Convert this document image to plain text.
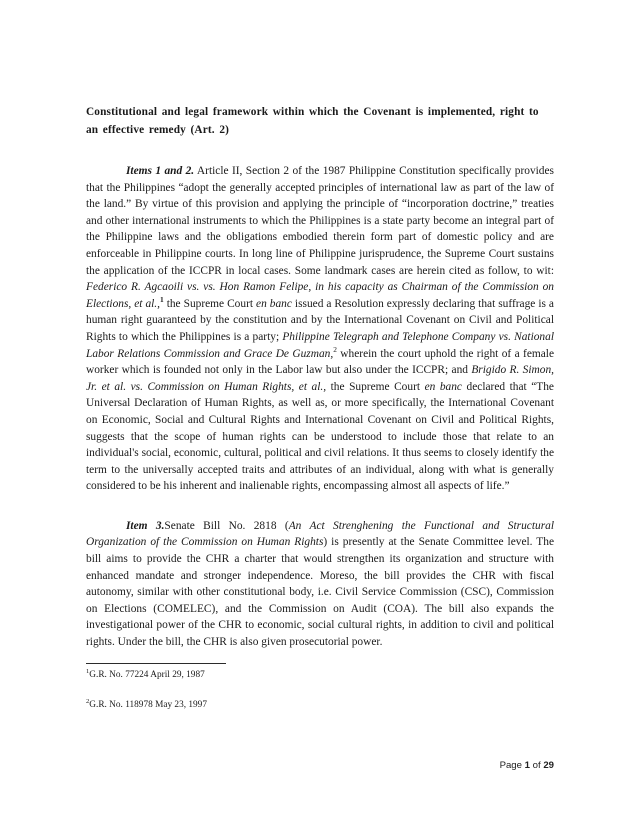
Constitutional and legal framework within which the Covenant is implemented, right to an effective remedy (Art. 2)

Items 1 and 2. Article II, Section 2 of the 1987 Philippine Constitution specifically provides that the Philippines “adopt the generally accepted principles of international law as part of the law of the land.” By virtue of this provision and applying the principle of “incorporation doctrine,” treaties and other international instruments to which the Philippines is a state party become an integral part of the Philippine laws and the obligations embodied therein form part of domestic policy and are enforceable in Philippine courts. In long line of Philippine jurisprudence, the Supreme Court sustains the application of the ICCPR in local cases. Some landmark cases are herein cited as follow, to wit: Federico R. Agcaoili vs. vs. Hon Ramon Felipe, in his capacity as Chairman of the Commission on Elections, et al.,$^1$ the Supreme Court en banc issued a Resolution expressly declaring that suffrage is a human right guaranteed by the constitution and by the International Covenant on Civil and Political Rights to which the Philippines is a party; Philippine Telegraph and Telephone Company vs. National Labor Relations Commission and Grace De Guzman,$^2$ wherein the court uphold the right of a female worker which is founded not only in the Labor law but also under the ICCPR; and Brigido R. Simon, Jr. et al. vs. Commission on Human Rights, et al., the Supreme Court en banc declared that “The Universal Declaration of Human Rights, as well as, or more specifically, the International Covenant on Economic, Social and Cultural Rights and International Covenant on Civil and Political Rights, suggests that the scope of human rights can be understood to include those that relate to an individual's social, economic, cultural, political and civil relations. It thus seems to closely identify the term to the universally accepted traits and attributes of an individual, along with what is generally considered to be his inherent and inalienable rights, encompassing almost all aspects of life.”

Item 3.Senate Bill No. 2818 (An Act Strenghening the Functional and Structural Organization of the Commission on Human Rights) is presently at the Senate Committee level. The bill aims to provide the CHR a charter that would strengthen its organization and structure with enhanced mandate and stronger independence. Moreso, the bill provides the CHR with fiscal autonomy, similar with other constitutional body, i.e. Civil Service Commission (CSC), Commission on Elections (COMELEC), and the Commission on Audit (COA). The bill also expands the investigational power of the CHR to economic, social cultural rights, in addition to civil and political rights. Under the bill, the CHR is also given prosecutorial power.

$^1$G.R. No. 77224 April 29, 1987

$^2$G.R. No. 118978 May 23, 1997

Page 1 of 29
